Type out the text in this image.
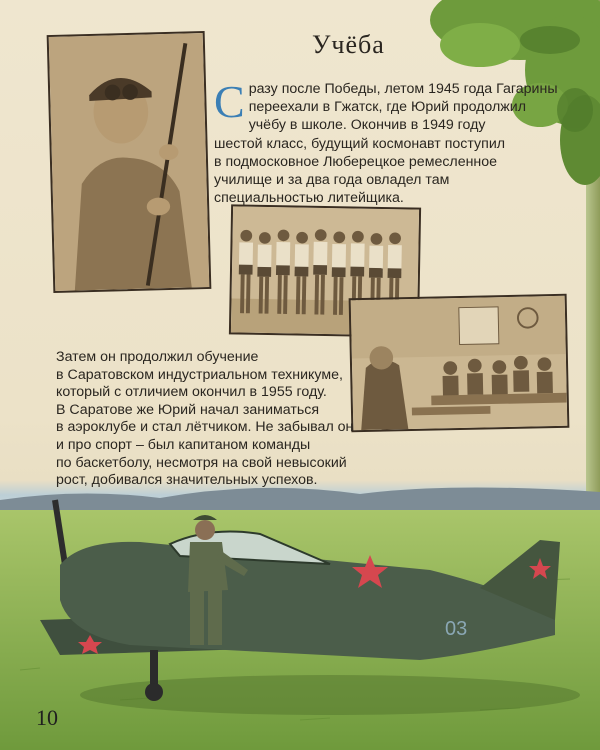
Учёба
С разу после Победы, летом 1945 года Гагарины
переехали в Гжатск, где Юрий продолжил
учёбу в школе. Окончив в 1949 году
шестой класс, будущий космонавт поступил
в подмосковное Люберецкое ремесленное
училище и за два года овладел там
специальностью литейщика.
Затем он продолжил обучение
в Саратовском индустриальном техникуме,
который с отличием окончил в 1955 году.
В Саратове же Юрий начал заниматься
в аэроклубе и стал лётчиком. Не забывал он
и про спорт – был капитаном команды
по баскетболу, несмотря на свой невысокий
рост, добивался значительных успехов.
03

10
